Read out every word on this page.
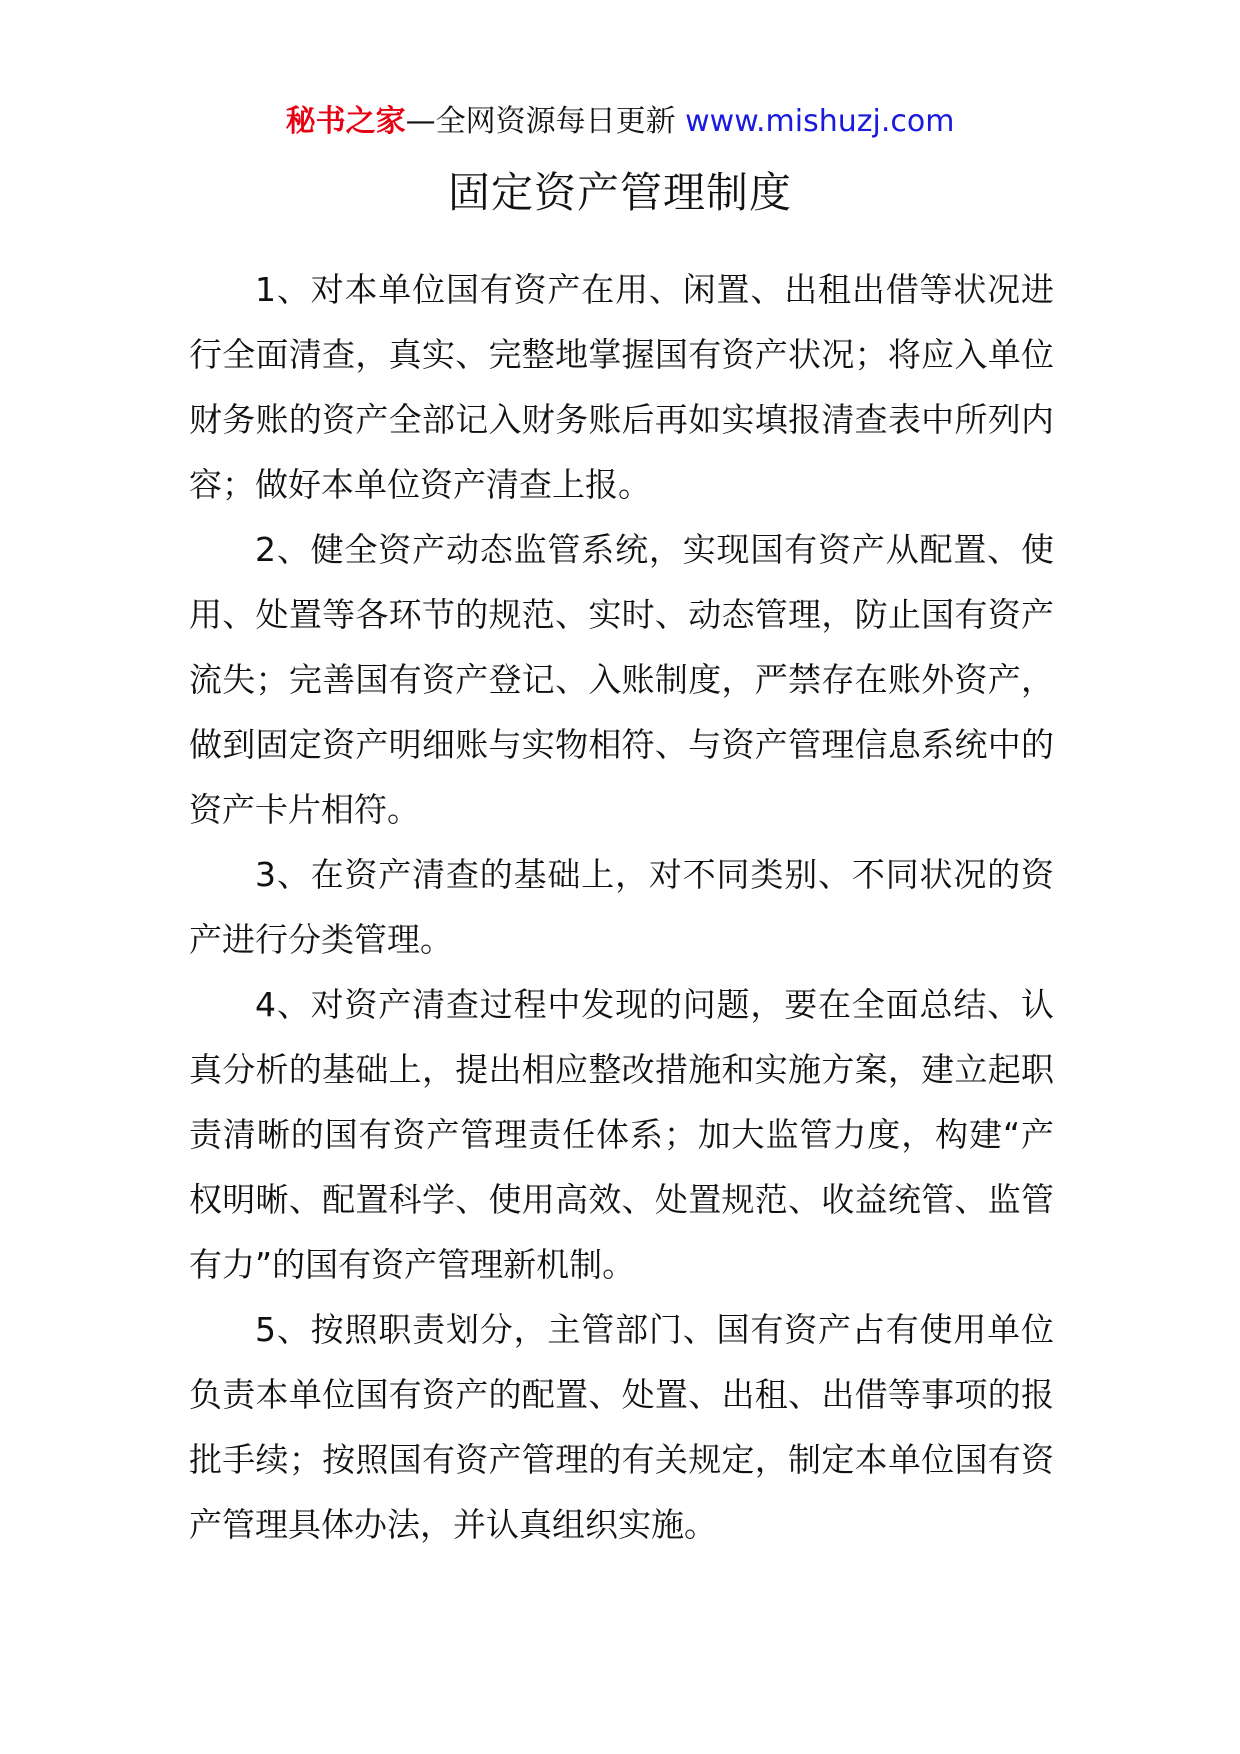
秘书之家—全网资源每日更新 www.mishuzj.com
固定资产管理制度

1、对本单位国有资产在用、闲置、出租出借等状况进行全面清查，真实、完整地掌握国有资产状况；将应入单位财务账的资产全部记入财务账后再如实填报清查表中所列内容；做好本单位资产清查上报。

2、健全资产动态监管系统，实现国有资产从配置、使用、处置等各环节的规范、实时、动态管理，防止国有资产流失；完善国有资产登记、入账制度，严禁存在账外资产，做到固定资产明细账与实物相符、与资产管理信息系统中的资产卡片相符。

3、在资产清查的基础上，对不同类别、不同状况的资产进行分类管理。

4、对资产清查过程中发现的问题，要在全面总结、认真分析的基础上，提出相应整改措施和实施方案，建立起职责清晰的国有资产管理责任体系；加大监管力度，构建“产权明晰、配置科学、使用高效、处置规范、收益统管、监管有力”的国有资产管理新机制。

5、按照职责划分，主管部门、国有资产占有使用单位负责本单位国有资产的配置、处置、出租、出借等事项的报批手续；按照国有资产管理的有关规定，制定本单位国有资产管理具体办法，并认真组织实施。
